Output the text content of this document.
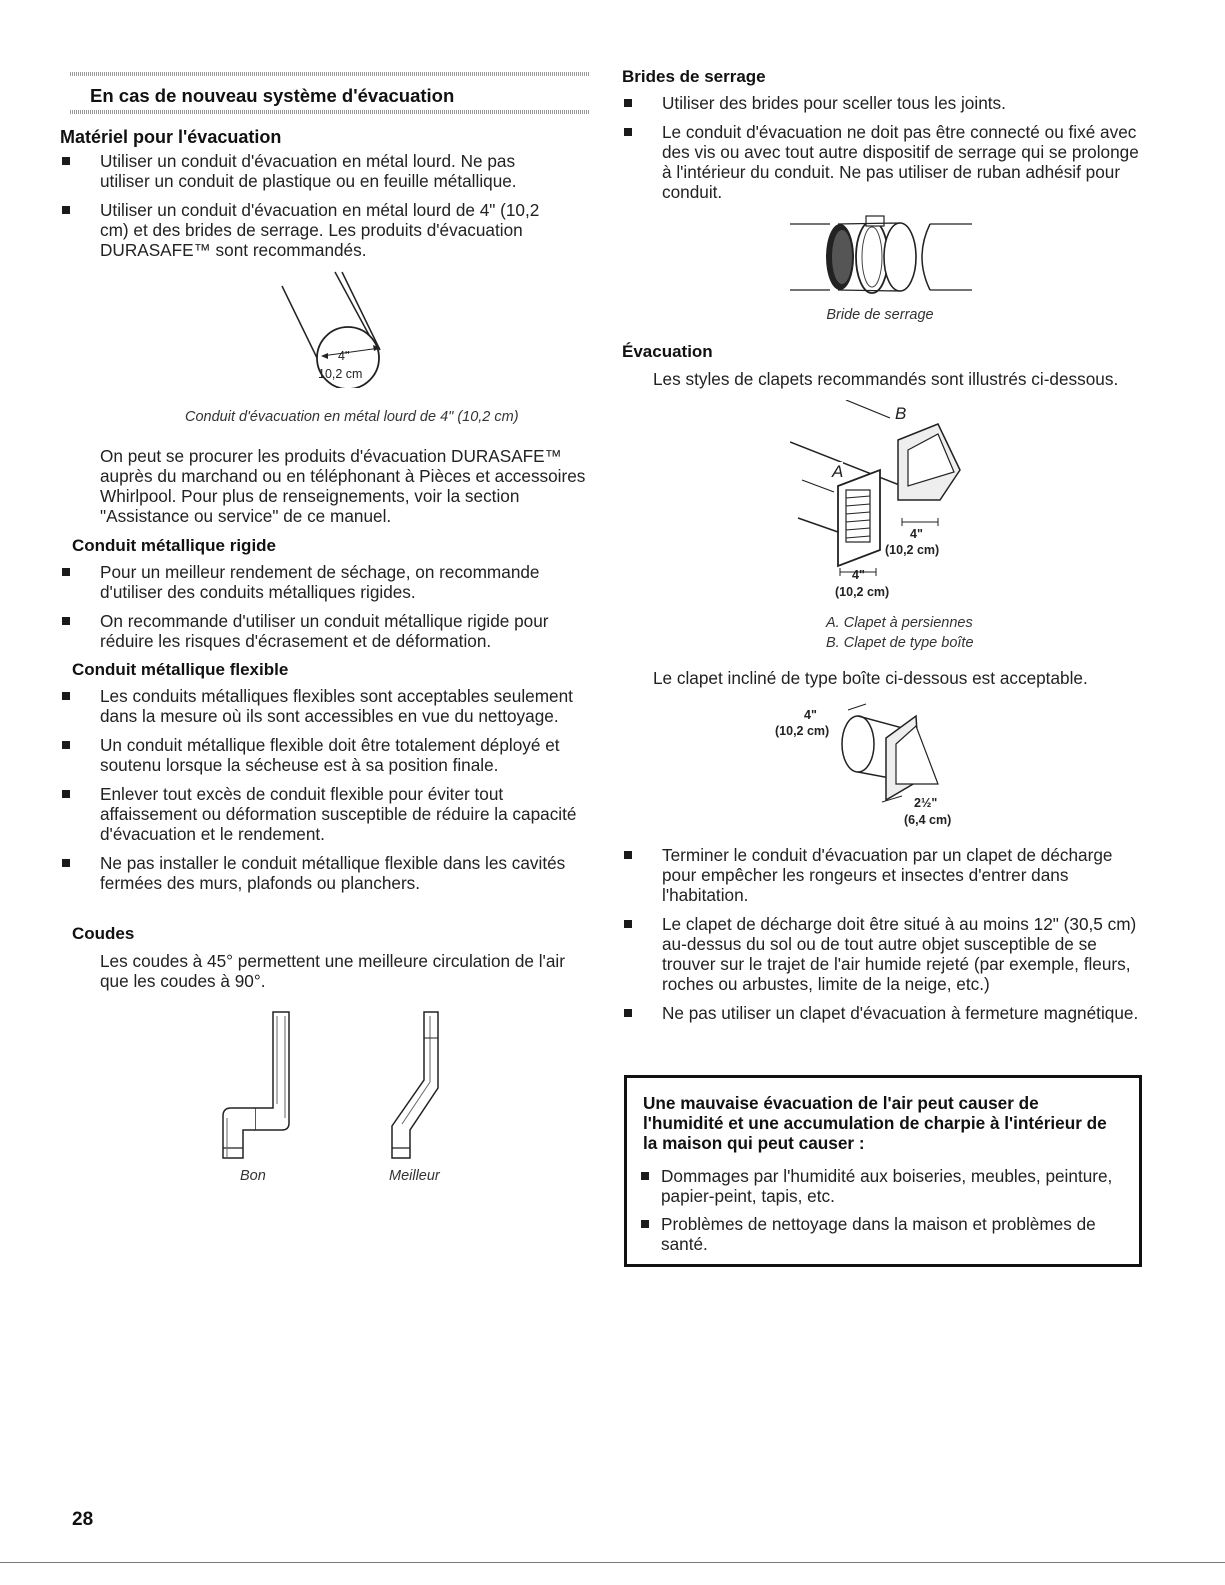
En cas de nouveau système d'évacuation
Matériel pour l'évacuation
Utiliser un conduit d'évacuation en métal lourd. Ne pas utiliser un conduit de plastique ou en feuille métallique.
Utiliser un conduit d'évacuation en métal lourd de 4" (10,2 cm) et des brides de serrage. Les produits d'évacuation DURASAFE™ sont recommandés.
4"
10,2 cm
Conduit d'évacuation en métal lourd de 4" (10,2 cm)
On peut se procurer les produits d'évacuation DURASAFE™ auprès du marchand ou en téléphonant à Pièces et accessoires Whirlpool. Pour plus de renseignements, voir la section "Assistance ou service" de ce manuel.
Conduit métallique rigide
Pour un meilleur rendement de séchage, on recommande d'utiliser des conduits métalliques rigides.
On recommande d'utiliser un conduit métallique rigide pour réduire les risques d'écrasement et de déformation.
Conduit métallique flexible
Les conduits métalliques flexibles sont acceptables seulement dans la mesure où ils sont accessibles en vue du nettoyage.
Un conduit métallique flexible doit être totalement déployé et soutenu lorsque la sécheuse est à sa position finale.
Enlever tout excès de conduit flexible pour éviter tout affaissement ou déformation susceptible de réduire la capacité d'évacuation et le rendement.
Ne pas installer le conduit métallique flexible dans les cavités fermées des murs, plafonds ou planchers.
Coudes
Les coudes à 45° permettent une meilleure circulation de l'air que les coudes à 90°.
Bon	Meilleur
Brides de serrage
Utiliser des brides pour sceller tous les joints.
Le conduit d'évacuation ne doit pas être connecté ou fixé avec des vis ou avec tout autre dispositif de serrage qui se prolonge à l'intérieur du conduit. Ne pas utiliser de ruban adhésif pour conduit.
Bride de serrage
Évacuation
Les styles de clapets recommandés sont illustrés ci-dessous.
B
A
4"
(10,2 cm)
4"
(10,2 cm)
A. Clapet à persiennes
B. Clapet de type boîte
Le clapet incliné de type boîte ci-dessous est acceptable.
4"
(10,2 cm)
2½"
(6,4 cm)
Terminer le conduit d'évacuation par un clapet de décharge pour empêcher les rongeurs et insectes d'entrer dans l'habitation.
Le clapet de décharge doit être situé à au moins 12" (30,5 cm) au-dessus du sol ou de tout autre objet susceptible de se trouver sur le trajet de l'air humide rejeté (par exemple, fleurs, roches ou arbustes, limite de la neige, etc.)
Ne pas utiliser un clapet d'évacuation à fermeture magnétique.
Une mauvaise évacuation de l'air peut causer de l'humidité et une accumulation de charpie à l'intérieur de la maison qui peut causer :
Dommages par l'humidité aux boiseries, meubles, peinture, papier-peint, tapis, etc.
Problèmes de nettoyage dans la maison et problèmes de santé.
28
